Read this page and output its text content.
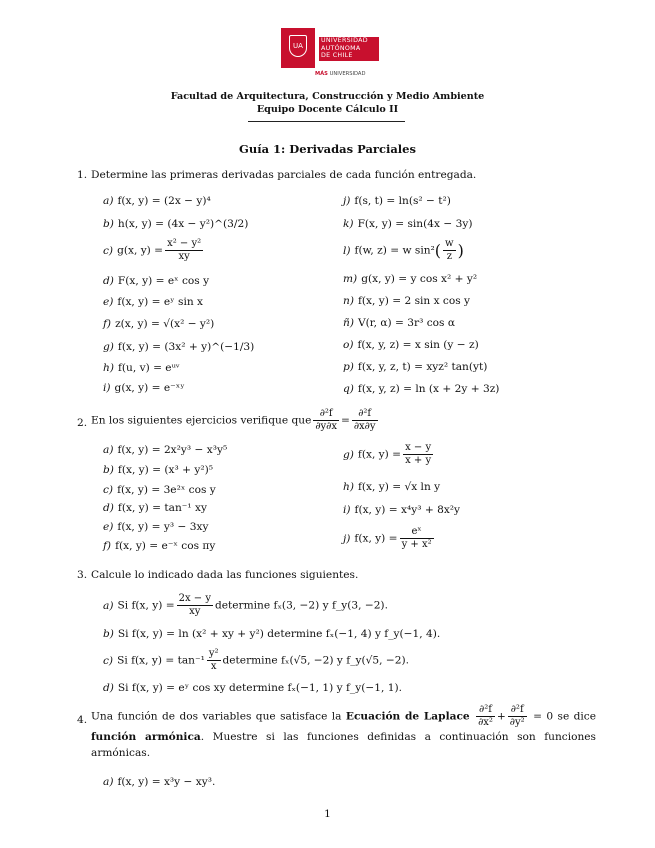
UA
UNIVERSIDAD
AUTÓNOMA
DE CHILE
MÁS UNIVERSIDAD
Facultad de Arquitectura, Construcción y Medio Ambiente
Equipo Docente Cálculo II
Guía 1: Derivadas Parciales
1. Determine las primeras derivadas parciales de cada función entregada.
a) f(x, y) = (2x − y)⁴
b) h(x, y) = (4x − y²)^(3/2)
c) g(x, $y) = \frac{\text{x² − y²}}{xy}$
d) F(x, y) = eˣ cos y
e) f(x, y) = eʸ sin x
f) z(x, y) = √(x² − y²)
g) f(x, y) = (3x² + y)^(−1/3)
h) f(u, v) = eᵘᵛ
i) g(x, y) = e⁻ˣʸ
j) f(s, t) = ln(s² − t²)
k) F(x, y) = sin(4x − 3y)
l) f(w, z) = w $\sin^2( \frac{w}{z}$ )
m) g(x, y) = y cos x² + y²
n) f(x, y) = 2 sin x cos y
ñ) V(r, α) = 3r³ cos α
o) f(x, y, z) = x sin (y − z)
p) f(x, y, z, t) = xyz² tan(yt)
q) f(x, y, z) = ln (x + 2y + 3z)
2. En los siguientes ejercicios verifique que $\frac{\text{∂²f}}{\partial y\partial x} = \frac{\text{∂²f}}{\partial x\partial y}$
a) f(x, y) = 2x²y³ − x³y⁵
b) f(x, y) = (x³ + y²)⁵
c) f(x, y) = 3e²ˣ cos y
d) f(x, y) = tan⁻¹ xy
e) f(x, y) = y³ − 3xy
f) f(x, y) = e⁻ˣ cos πy
g) f(x, $y) = \frac{x - y}{x + y}$
h) f(x, y) = √x ln y
i) f(x, y) = x⁴y³ + 8x²y
j) f(x, $y) = \frac{\text{eˣ}}{\text{y + x²}}$
3. Calcule lo indicado dada las funciones siguientes.
a) Si f(x, $y) = \frac{2x - y}{xy}$ determine fₓ(3, −2) y f_y(3, −2).
b) Si f(x, y) = ln (x² + xy + y²) determine fₓ(−1, 4) y f_y(−1, 4).
c) Si f(x, $y) = \tan^{-1} \frac{\text{y²}}{x}$ determine fₓ(√5, −2) y f_y(√5, −2).
d) Si f(x, y) = eʸ cos xy determine fₓ(−1, 1) y f_y(−1, 1).
4. Una función de dos variables que satisface la Ecuación de Laplace $\frac{\text{∂²f}}{\text{∂x²}} + \frac{\text{∂²f}}{\text{∂y²}} = 0$ se dice función armónica. Muestre si las funciones definidas a continuación son funciones armónicas.
a) f(x, y) = x³y − xy³.
1
